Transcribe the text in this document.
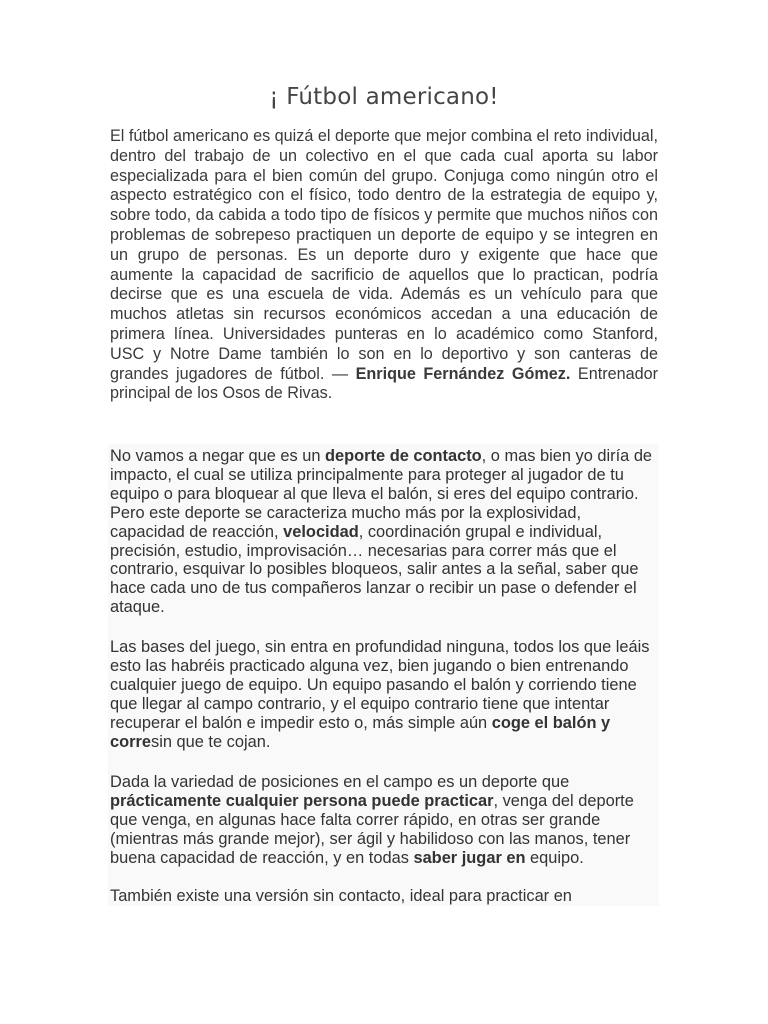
¡ Fútbol americano!

El fútbol americano es quizá el deporte que mejor combina el reto individual, dentro del trabajo de un colectivo en el que cada cual aporta su labor especializada para el bien común del grupo. Conjuga como ningún otro el aspecto estratégico con el físico, todo dentro de la estrategia de equipo y, sobre todo, da cabida a todo tipo de físicos y permite que muchos niños con problemas de sobrepeso practiquen un deporte de equipo y se integren en un grupo de personas. Es un deporte duro y exigente que hace que aumente la capacidad de sacrificio de aquellos que lo practican, podría decirse que es una escuela de vida. Además es un vehículo para que muchos atletas sin recursos económicos accedan a una educación de primera línea. Universidades punteras en lo académico como Stanford, USC y Notre Dame también lo son en lo deportivo y son canteras de grandes jugadores de fútbol. — Enrique Fernández Gómez. Entrenador principal de los Osos de Rivas.

No vamos a negar que es un deporte de contacto, o mas bien yo diría de impacto, el cual se utiliza principalmente para proteger al jugador de tu equipo o para bloquear al que lleva el balón, si eres del equipo contrario. Pero este deporte se caracteriza mucho más por la explosividad, capacidad de reacción, velocidad, coordinación grupal e individual, precisión, estudio, improvisación… necesarias para correr más que el contrario, esquivar lo posibles bloqueos, salir antes a la señal, saber que hace cada uno de tus compañeros lanzar o recibir un pase o defender el ataque.

Las bases del juego, sin entra en profundidad ninguna, todos los que leáis esto las habréis practicado alguna vez, bien jugando o bien entrenando cualquier juego de equipo. Un equipo pasando el balón y corriendo tiene que llegar al campo contrario, y el equipo contrario tiene que intentar recuperar el balón e impedir esto o, más simple aún coge el balón y corresin que te cojan.

Dada la variedad de posiciones en el campo es un deporte que prácticamente cualquier persona puede practicar, venga del deporte que venga, en algunas hace falta correr rápido, en otras ser grande (mientras más grande mejor), ser ágil y habilidoso con las manos, tener buena capacidad de reacción, y en todas saber jugar en equipo.

También existe una versión sin contacto, ideal para practicar en
